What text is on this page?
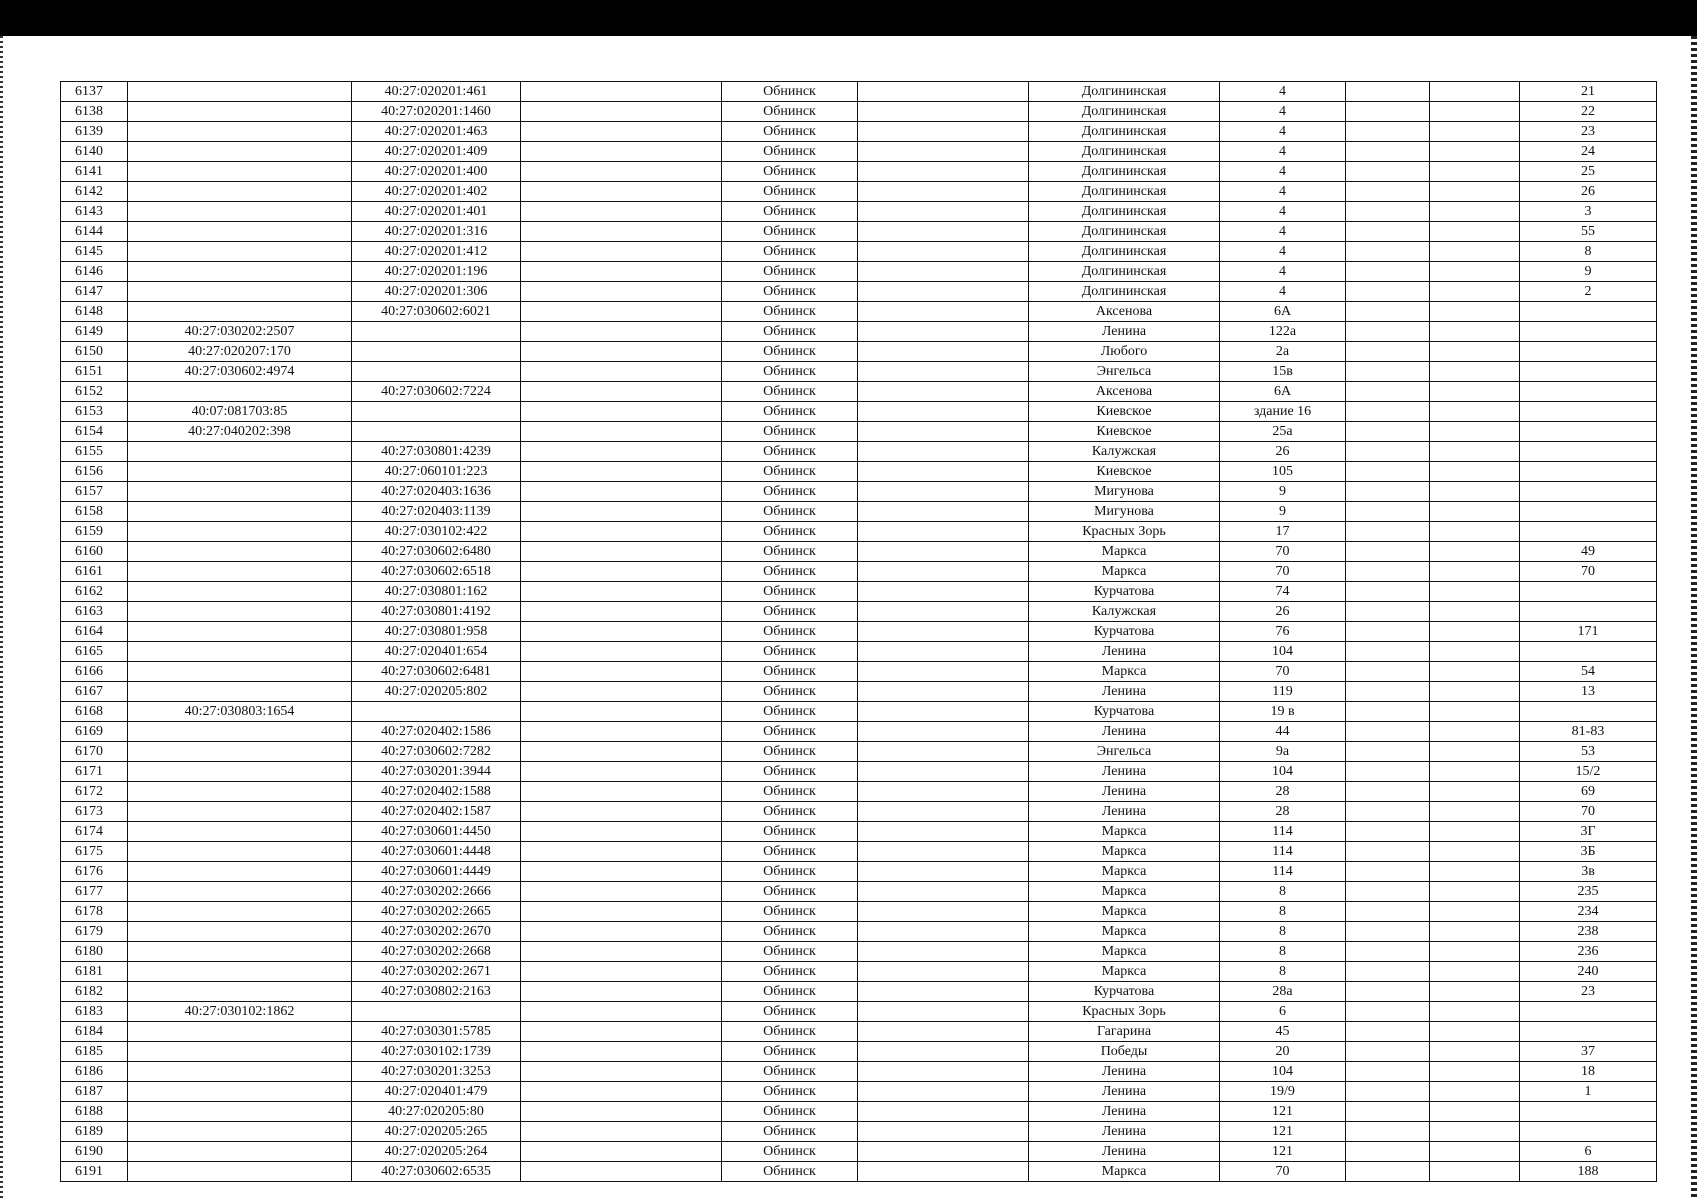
6137		40:27:020201:461		Обнинск			Долгининская	4			21
6138		40:27:020201:1460		Обнинск			Долгининская	4			22
6139		40:27:020201:463		Обнинск			Долгининская	4			23
6140		40:27:020201:409		Обнинск			Долгининская	4			24
6141		40:27:020201:400		Обнинск			Долгининская	4			25
6142		40:27:020201:402		Обнинск			Долгининская	4			26
6143		40:27:020201:401		Обнинск			Долгининская	4			3
6144		40:27:020201:316		Обнинск			Долгининская	4			55
6145		40:27:020201:412		Обнинск			Долгининская	4			8
6146		40:27:020201:196		Обнинск			Долгининская	4			9
6147		40:27:020201:306		Обнинск			Долгининская	4			2
6148		40:27:030602:6021		Обнинск			Аксенова	6А			
6149	40:27:030202:2507			Обнинск			Ленина	122а			
6150	40:27:020207:170			Обнинск			Любого	2а			
6151	40:27:030602:4974			Обнинск			Энгельса	15в			
6152		40:27:030602:7224		Обнинск			Аксенова	6А			
6153	40:07:081703:85			Обнинск			Киевское	здание 16			
6154	40:27:040202:398			Обнинск			Киевское	25а			
6155		40:27:030801:4239		Обнинск			Калужская	26			
6156		40:27:060101:223		Обнинск			Киевское	105			
6157		40:27:020403:1636		Обнинск			Мигунова	9			
6158		40:27:020403:1139		Обнинск			Мигунова	9			
6159		40:27:030102:422		Обнинск			Красных Зорь	17			
6160		40:27:030602:6480		Обнинск			Маркса	70			49
6161		40:27:030602:6518		Обнинск			Маркса	70			70
6162		40:27:030801:162		Обнинск			Курчатова	74			
6163		40:27:030801:4192		Обнинск			Калужская	26			
6164		40:27:030801:958		Обнинск			Курчатова	76			171
6165		40:27:020401:654		Обнинск			Ленина	104			
6166		40:27:030602:6481		Обнинск			Маркса	70			54
6167		40:27:020205:802		Обнинск			Ленина	119			13
6168	40:27:030803:1654			Обнинск			Курчатова	19 в			
6169		40:27:020402:1586		Обнинск			Ленина	44			81-83
6170		40:27:030602:7282		Обнинск			Энгельса	9а			53
6171		40:27:030201:3944		Обнинск			Ленина	104			15/2
6172		40:27:020402:1588		Обнинск			Ленина	28			69
6173		40:27:020402:1587		Обнинск			Ленина	28			70
6174		40:27:030601:4450		Обнинск			Маркса	114			3Г
6175		40:27:030601:4448		Обнинск			Маркса	114			3Б
6176		40:27:030601:4449		Обнинск			Маркса	114			3в
6177		40:27:030202:2666		Обнинск			Маркса	8			235
6178		40:27:030202:2665		Обнинск			Маркса	8			234
6179		40:27:030202:2670		Обнинск			Маркса	8			238
6180		40:27:030202:2668		Обнинск			Маркса	8			236
6181		40:27:030202:2671		Обнинск			Маркса	8			240
6182		40:27:030802:2163		Обнинск			Курчатова	28а			23
6183	40:27:030102:1862			Обнинск			Красных Зорь	6			
6184		40:27:030301:5785		Обнинск			Гагарина	45			
6185		40:27:030102:1739		Обнинск			Победы	20			37
6186		40:27:030201:3253		Обнинск			Ленина	104			18
6187		40:27:020401:479		Обнинск			Ленина	19/9			1
6188		40:27:020205:80		Обнинск			Ленина	121			
6189		40:27:020205:265		Обнинск			Ленина	121			
6190		40:27:020205:264		Обнинск			Ленина	121			6
6191		40:27:030602:6535		Обнинск			Маркса	70			188
